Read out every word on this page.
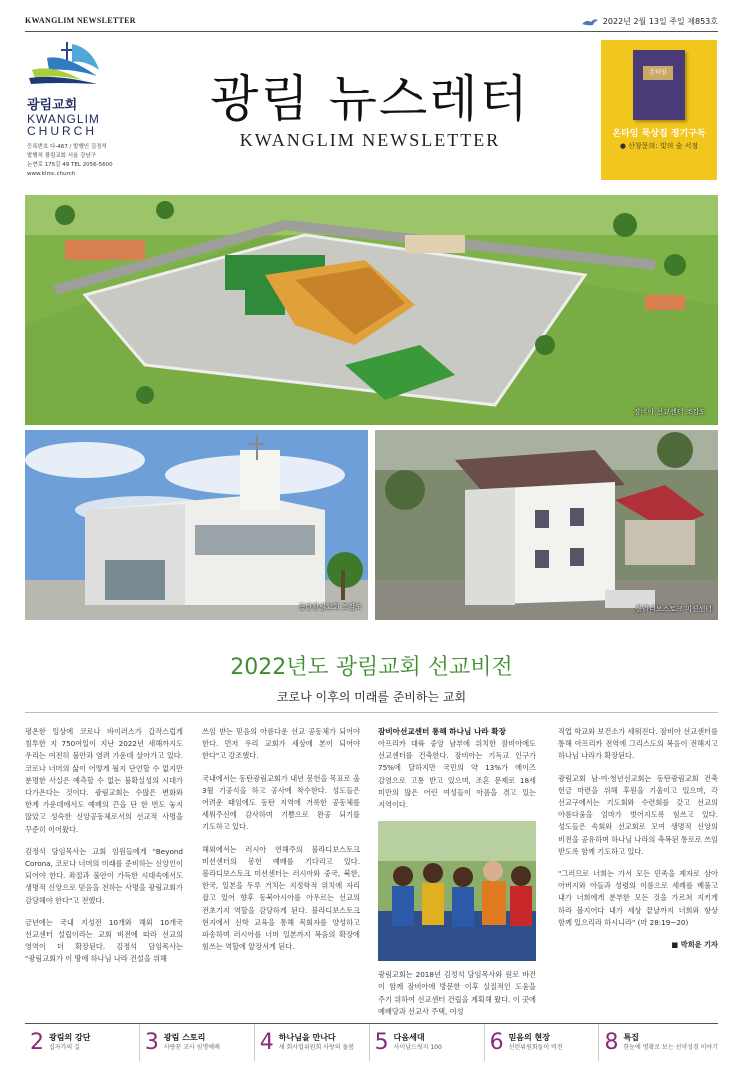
KWANGLIM NEWSLETTER	2022년 2월 13일 주일 제853호
광림교회
KWANGLIM
CHURCH
등록번호 다-467 / 발행인 김정석
발행처 광림교회 서울 강남구
논현로 175길 49 TEL 2056-5600
www.klmc.church
광림 뉴스레터
KWANGLIM NEWSLETTER
온타임
온타임 묵상집 정기구독
● 산창문의: 빛의 숲 서점
잠비아 선교센터 조감도
동탄광림교회 조감도	블라디보스토크 미션센터
2022년도 광림교회 선교비전
코로나 이후의 미래를 준비하는 교회

평온한 일상에 코로나 바이러스가 갑작스럽게 침투한 지 750여일이 지난 2022년 새해까지도 우리는 여전히 불안과 염려 가운데 살아가고 있다. 코로나 너머의 삶이 어떻게 될지 단언할 수 없지만 분명한 사실은 예측할 수 없는 불확실성의 시대가 다가온다는 것이다. 광림교회는 수많은 변화와 한계 가운데에서도 예배의 끈을 단 한 번도 놓지 않았고 성숙한 신앙공동체로서의 선교적 사명을 꾸준히 이어왔다.

김정석 담임목사는 교회 임원들에게 "Beyond Corona, 코로나 너머의 미래를 준비하는 신앙인이 되어야 한다. 좌절과 불안이 가득한 시대속에서도 생명적 신앙으로 믿음을 전하는 사명을 광림교회가 감당해야 한다"고 전했다.

금년에는 국내 지성전 10개와 해외 10개국 선교센터 설립이라는 교회 비전에 따라 선교의 영역이 더 확장된다. 김정석 담임목사는 "광림교회가 이 땅에 하나님 나라 건설을 위해

쓰임 받는 믿음의 아름다운 선교 공동체가 되어야 한다. 먼저 우리 교회가 세상에 본이 되어야 한다"고 강조했다.

국내에서는 동탄광림교회가 내년 봉헌을 목표로 올 3월 기공식을 하고 공사에 착수한다. 성도들은 어려운 때임에도 동탄 지역에 거룩한 공동체를 세워주신에 감사하며 기쁨으로 완공 되기를 기도하고 있다.

해외에서는 러시아 연해주의 블라디보스토크 미션센터의 봉헌 예배를 기다리고 있다. 블라디보스토크 미션센터는 러시아와 중국, 북한, 한국, 일본을 두루 거치는 지정학적 위치에 자리 잡고 있어 향후 동북아시아를 아우르는 선교의 전초기지 역할을 감당하게 된다. 블라디보스토크 현지에서 신학 교육을 통해 목회자를 양성하고 파송하며 러시아를 너머 일본까지 복음의 확장에 힘쓰는 역할에 앞장서게 된다.

잠비아선교센터 통해 하나님 나라 확장

아프리카 대륙 중앙 남부에 위치한 잠비아에도 선교센터를 건축한다. 잠비아는 기독교 인구가 75%에 달하지만 국민의 약 13%가 에이즈 감염으로 고통 받고 있으며, 조혼 문제로 18세 미만의 많은 어린 여성들이 아픔을 겪고 있는 지역이다.

광림교회는 2018년 김정석 담임목사와 원로 바건 이 함께 잠비아에 방문한 이후 실질적인 도움을 주기 위하여 선교센터 건립을 계획해 왔다. 이 곳에 예배당과 선교사 주택, 여성

직업 학교와 보건소가 세워진다. 잠비아 선교센터를 통해 아프리카 전역에 그리스도의 복음이 전해지고 하나님 나라가 확장된다.

광림교회 남·여·청년선교회는 동탄광림교회 건축 헌금 마련을 위해 후원을 기울이고 있으며, 각 선교구에서는 기도회와 수련회를 갖고 선교의 아름다움을 엄마가 벗어지도록 힘쓰고 있다. 성도들은 속회와 선교회로 모여 생명적 신앙의 비전을 공유하며 하나님 나라의 축복된 통로로 쓰임 받도록 함께 기도하고 있다.

"그러므로 너희는 가서 모든 민족을 제자로 삼아 아버지와 아들과 성령의 이름으로 세례를 베풀고 내가 너희에게 분부한 모든 것을 가르쳐 지키게 하라 볼지어다 내가 세상 끝날까지 너희와 항상 함께 있으리라 하시니라" (마 28:19~20)

■ 박희윤 기자
2 광림의 강단
십자가의 길	3 광림 스토리
사랑꾼 교사 임명예배 4 하나님을 만나다
새 회사업위원회 사랑의 돌봄 5 다음세대
사이남드릿지 100 6 믿음의 현장
선린위원회들이 비전 8 특집
한눈에 명확로 보는 선약성경 이야기
